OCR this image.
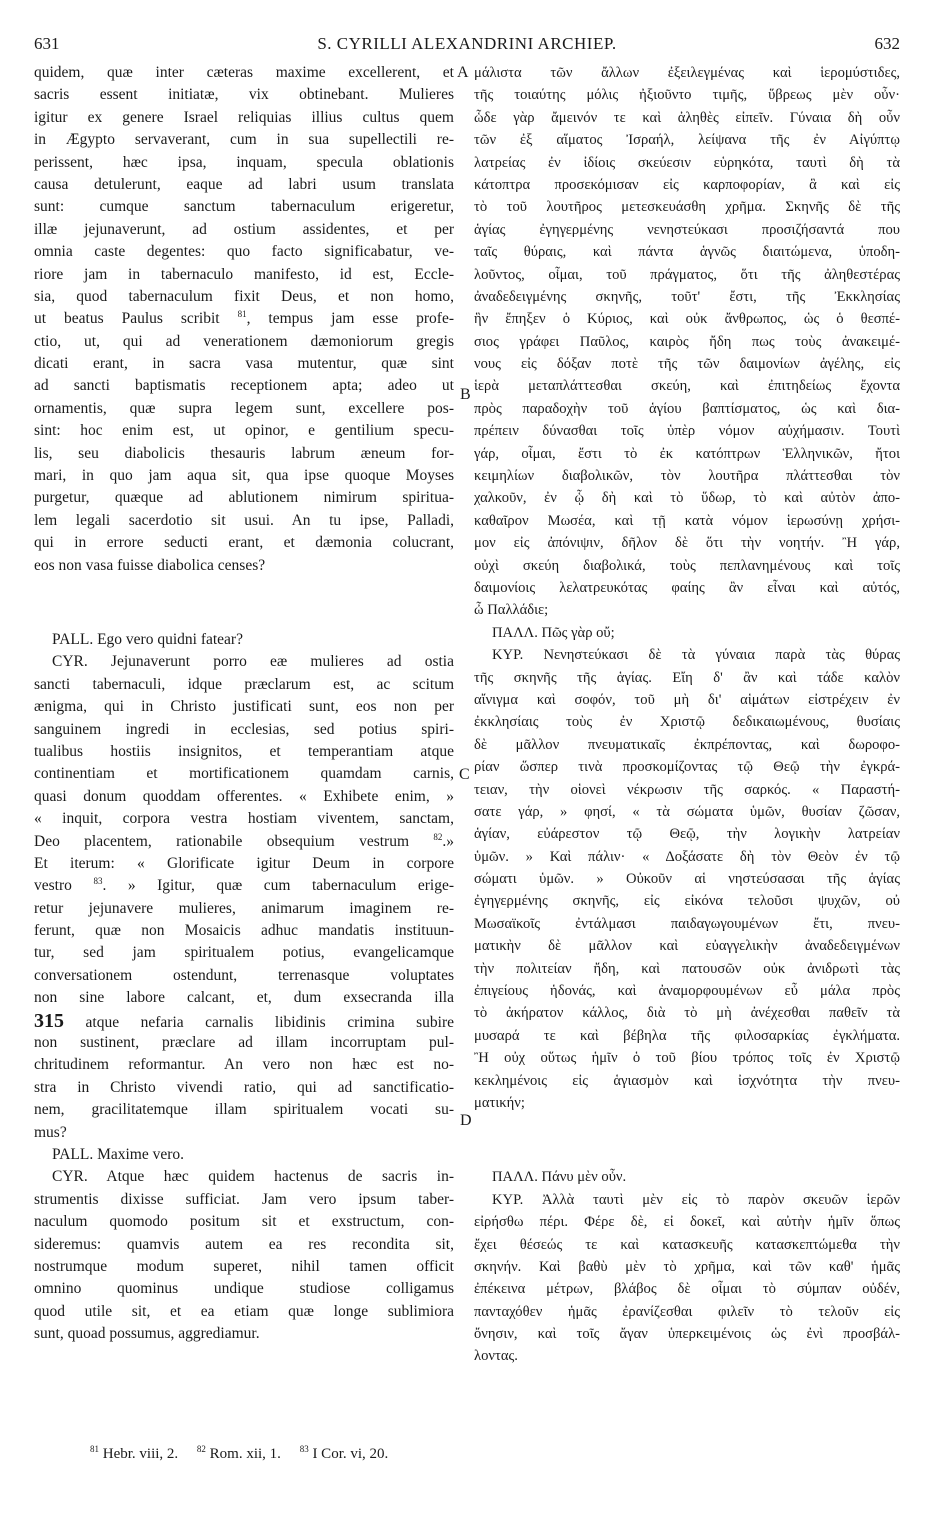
631	S. CYRILLI ALEXANDRINI ARCHIEP.	632
A
B
C
D
quidem, quæ inter cæteras maxime excellerent, et
sacris essent initiatæ, vix obtinebant. Mulieres
igitur ex genere Israel reliquias illius cultus quem
in Ægypto servaverant, cum in sua supellectili re-
perissent, hæc ipsa, inquam, specula oblationis
causa detulerunt, eaque ad labri usum translata
sunt: cumque sanctum tabernaculum erigeretur,
illæ jejunaverunt, ad ostium assidentes, et per
omnia caste degentes: quo facto significabatur, ve-
riore jam in tabernaculo manifesto, id est, Eccle-
sia, quod tabernaculum fixit Deus, et non homo,
ut beatus Paulus scribit $^{81}$, tempus jam esse profe-
ctio, ut, qui ad venerationem dæmoniorum gregis
dicati erant, in sacra vasa mutentur, quæ sint
ad sancti baptismatis receptionem apta; adeo ut
ornamentis, quæ supra legem sunt, excellere pos-
sint: hoc enim est, ut opinor, e gentilium specu-
lis, seu diabolicis thesauris labrum æneum for-
mari, in quo jam aqua sit, qua ipse quoque Moyses
purgetur, quæque ad ablutionem nimirum spiritua-
lem legali sacerdotio sit usui. An tu ipse, Palladi,
qui in errore seducti erant, et dæmonia colucrant,
eos non vasa fuisse diabolica censes?
PALL. Ego vero quidni fatear?
CYR. Jejunaverunt porro eæ mulieres ad ostia
sancti tabernaculi, idque præclarum est, ac scitum
ænigma, qui in Christo justificati sunt, eos non per
sanguinem ingredi in ecclesias, sed potius spiri-
tualibus hostiis insignitos, et temperantiam atque
continentiam et mortificationem quamdam carnis,
quasi donum quoddam offerentes. « Exhibete enim, »
« inquit, corpora vestra hostiam viventem, sanctam,
Deo placentem, rationabile obsequium vestrum	$^{82}$.»
Et iterum: « Glorificate igitur Deum in corpore
vestro $^{83}$. » Igitur, quæ cum tabernaculum erige-
retur jejunavere mulieres, animarum imaginem re-
ferunt, quæ non Mosaicis adhuc mandatis instituun-
tur, sed jam spiritualem potius, evangelicamque
conversationem ostendunt, terrenasque voluptates
non sine labore calcant, et, dum exsecranda illa
315 atque nefaria carnalis libidinis crimina subire
non sustinent, præclare ad illam incorruptam pul-
chritudinem reformantur. An vero non hæc est no-
stra in Christo vivendi ratio, qui ad sanctificatio-
nem, gracilitatemque illam spiritualem vocati su-
mus?
PALL. Maxime vero.
CYR. Atque hæc quidem hactenus de sacris in-
strumentis dixisse sufficiat. Jam vero ipsum taber-
naculum quomodo positum sit et exstructum, con-
sideremus: quamvis autem ea res recondita sit,
nostrumque modum superet, nihil tamen officit
omnino quominus undique studiose colligamus
quod utile sit, et ea etiam quæ longe sublimiora
sunt, quoad possumus, aggrediamur.
μάλιστα τῶν ἄλλων ἐξειλεγμένας καὶ ἱερομύστιδες,
τῆς τοιαύτης μόλις ἠξιοῦντο τιμῆς, ὕβρεως μὲν οὖν·
ὧδε γὰρ ἄμεινόν τε καὶ ἀληθὲς εἰπεῖν. Γύναια δὴ οὖν
τῶν ἐξ αἵματος Ἰσραήλ, λείψανα τῆς ἐν Αἰγύπτῳ
λατρείας ἐν ἰδίοις σκεύεσιν εὑρηκότα, ταυτὶ δὴ τὰ
κάτοπτρα προσεκόμισαν εἰς καρποφορίαν, ἃ καὶ εἰς
τὸ τοῦ λουτῆρος μετεσκευάσθη χρῆμα. Σκηνῆς δὲ τῆς
ἁγίας ἐγηγερμένης νενηστεύκασι προσιζήσαντά που
ταῖς θύραις, καὶ πάντα ἁγνῶς διαιτώμενα, ὑποδη-
λοῦντος, οἶμαι, τοῦ πράγματος, ὅτι τῆς ἀληθεστέρας
ἀναδεδειγμένης σκηνῆς, τοῦτ' ἔστι, τῆς Ἐκκλησίας
ἣν ἔπηξεν ὁ Κύριος, καὶ οὐκ ἄνθρωπος, ὡς ὁ θεσπέ-
σιος γράφει Παῦλος, καιρὸς ἤδη πως τοὺς ἀνακειμέ-
νους εἰς δόξαν ποτὲ τῆς τῶν δαιμονίων ἀγέλης, εἰς
ἱερὰ μεταπλάττεσθαι σκεύη, καὶ ἐπιτηδείως ἔχοντα
πρὸς παραδοχὴν τοῦ ἁγίου βαπτίσματος, ὡς καὶ δια-
πρέπειν δύνασθαι τοῖς ὑπὲρ νόμον αὐχήμασιν. Τουτὶ
γάρ, οἶμαι, ἔστι τὸ ἐκ κατόπτρων Ἑλληνικῶν, ἤτοι
κειμηλίων διαβολικῶν, τὸν λουτῆρα πλάττεσθαι τὸν
χαλκοῦν, ἐν ᾧ δὴ καὶ τὸ ὕδωρ, τὸ καὶ αὐτὸν ἀπο-
καθαῖρον Μωσέα, καὶ τῇ κατὰ νόμον ἱερωσύνῃ χρήσι-
μον εἰς ἀπόνιψιν, δῆλον δὲ ὅτι τὴν νοητήν. Ἢ γάρ,
οὐχὶ σκεύη διαβολικά, τοὺς πεπλανημένους καὶ τοῖς
δαιμονίοις λελατρευκότας φαίης ἂν εἶναι καὶ αὐτός,
ὦ Παλλάδιε;
ΠΑΛΛ. Πῶς γὰρ οὔ;
ΚΥΡ. Νενηστεύκασι δὲ τὰ γύναια παρὰ τὰς θύρας
τῆς σκηνῆς τῆς ἁγίας. Εἴη δ' ἂν καὶ τάδε καλὸν
αἴνιγμα καὶ σοφόν, τοῦ μὴ δι' αἱμάτων εἰστρέχειν ἐν
ἐκκλησίαις τοὺς ἐν Χριστῷ δεδικαιωμένους, θυσίαις
δὲ μᾶλλον πνευματικαῖς ἐκπρέποντας, καὶ δωροφο-
ρίαν ὥσπερ τινὰ προσκομίζοντας τῷ Θεῷ τὴν ἐγκρά-
τειαν, τὴν οἱονεὶ νέκρωσιν τῆς σαρκός. « Παραστή-
σατε γάρ, » φησί, « τὰ σώματα ὑμῶν, θυσίαν ζῶσαν,
ἁγίαν, εὐάρεστον τῷ Θεῷ, τὴν λογικὴν λατρείαν
ὑμῶν. » Καὶ πάλιν· « Δοξάσατε δὴ τὸν Θεὸν ἐν τῷ
σώματι ὑμῶν. » Οὐκοῦν αἱ νηστεύσασαι τῆς ἁγίας
ἐγηγερμένης σκηνῆς, εἰς εἰκόνα τελοῦσι ψυχῶν, οὐ
Μωσαϊκοῖς ἐντάλμασι παιδαγωγουμένων ἔτι, πνευ-
ματικὴν δὲ μᾶλλον καὶ εὐαγγελικὴν ἀναδεδειγμένων
τὴν πολιτείαν ἤδη, καὶ πατουσῶν οὐκ ἀνιδρωτὶ τὰς
ἐπιγείους ἡδονάς, καὶ ἀναμορφουμένων εὖ μάλα πρὸς
τὸ ἀκήρατον κάλλος, διὰ τὸ μὴ ἀνέχεσθαι παθεῖν τὰ
μυσαρά τε καὶ βέβηλα τῆς φιλοσαρκίας ἐγκλήματα.
Ἢ οὐχ οὕτως ἡμῖν ὁ τοῦ βίου τρόπος τοῖς ἐν Χριστῷ
κεκλημένοις εἰς ἁγιασμὸν καὶ ἰσχνότητα τὴν πνευ-
ματικήν;
ΠΑΛΛ. Πάνυ μὲν οὖν.
ΚΥΡ. Ἀλλὰ ταυτὶ μὲν εἰς τὸ παρὸν σκευῶν ἱερῶν
εἰρήσθω πέρι. Φέρε δὲ, εἰ δοκεῖ, καὶ αὐτὴν ἡμῖν ὅπως
ἔχει θέσεώς τε καὶ κατασκευῆς κατασκεπτώμεθα τὴν
σκηνήν. Καὶ βαθὺ μὲν τὸ χρῆμα, καὶ τῶν καθ' ἡμᾶς
ἐπέκεινα μέτρων, βλάβος δὲ οἶμαι τὸ σύμπαν οὐδέν,
πανταχόθεν ἡμᾶς ἐρανίζεσθαι φιλεῖν τὸ τελοῦν εἰς
ὄνησιν, καὶ τοῖς ἄγαν ὑπερκειμένοις ὡς ἐνὶ προσβάλ-
λοντας.
$^{81}$ Hebr. viii, 2. $^{82}$ Rom. xii, 1. $^{83}$ I Cor. vi, 20.
